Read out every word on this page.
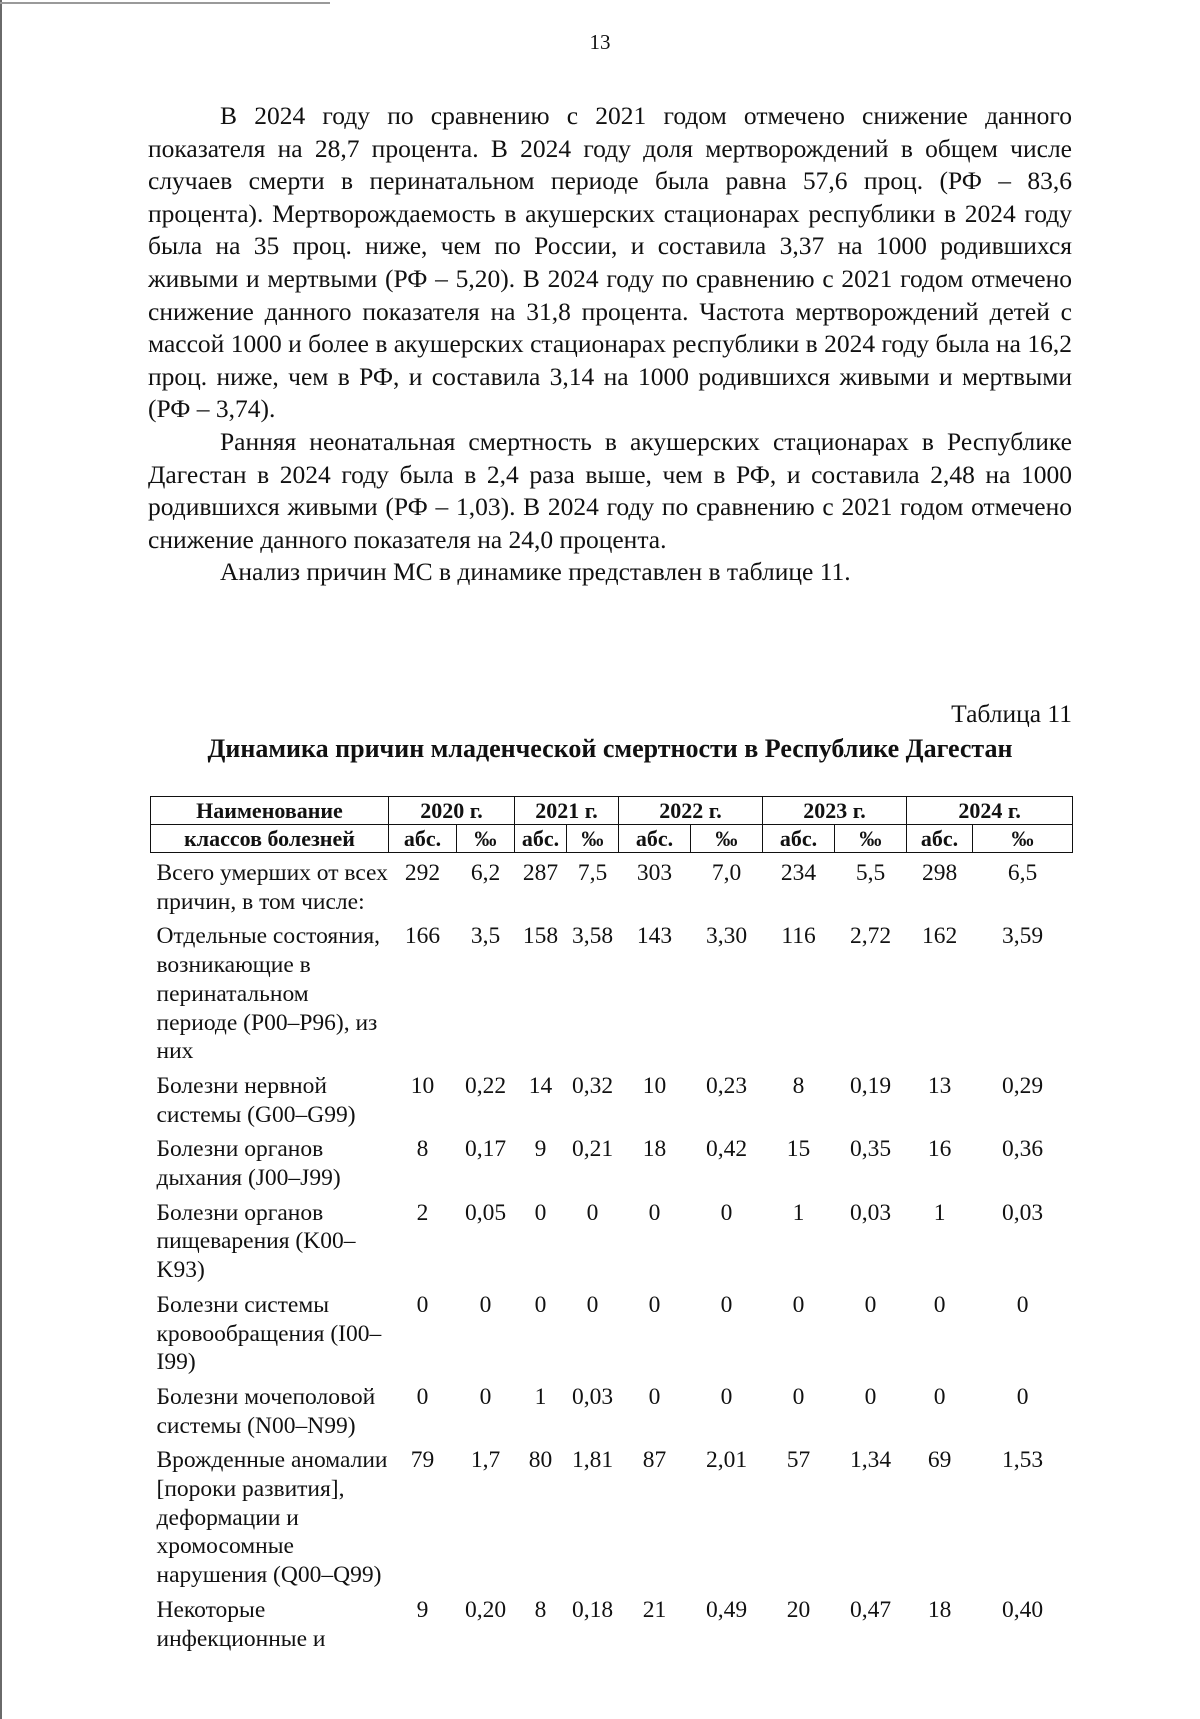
13

В 2024 году по сравнению с 2021 годом отмечено снижение данного показателя на 28,7 процента. В 2024 году доля мертворождений в общем числе случаев смерти в перинатальном периоде была равна 57,6 проц. (РФ – 83,6 процента). Мертворождаемость в акушерских стационарах республики в 2024 году была на 35 проц. ниже, чем по России, и составила 3,37 на 1000 родившихся живыми и мертвыми (РФ – 5,20). В 2024 году по сравнению с 2021 годом отмечено снижение данного показателя на 31,8 процента. Частота мертворождений детей с массой 1000 и более в акушерских стационарах республики в 2024 году была на 16,2 проц. ниже, чем в РФ, и составила 3,14 на 1000 родившихся живыми и мертвыми (РФ – 3,74).

Ранняя неонатальная смертность в акушерских стационарах в Республике Дагестан в 2024 году была в 2,4 раза выше, чем в РФ, и составила 2,48 на 1000 родившихся живыми (РФ – 1,03). В 2024 году по сравнению с 2021 годом отмечено снижение данного показателя на 24,0 процента.

Анализ причин МС в динамике представлен в таблице 11.

Таблица 11
Динамика причин младенческой смертности в Республике Дагестан
Наименование	2020 г.		2021 г.		2022 г.		2023 г.		2024 г.	
классов болезней	абс.	‰	абс.	‰	абс.	‰	абс.	‰	абс.	‰
Всего умерших от всех причин, в том числе:	292	6,2	287	7,5	303	7,0	234	5,5	298	6,5
Отдельные состояния, возникающие в перинатальном периоде (P00–P96), из них	166	3,5	158	3,58	143	3,30	116	2,72	162	3,59
Болезни нервной системы (G00–G99)	10	0,22	14	0,32	10	0,23	8	0,19	13	0,29
Болезни органов дыхания (J00–J99)	8	0,17	9	0,21	18	0,42	15	0,35	16	0,36
Болезни органов пищеварения (K00–K93)	2	0,05	0	0	0	0	1	0,03	1	0,03
Болезни системы кровообращения (I00–I99)	0	0	0	0	0	0	0	0	0	0
Болезни мочеполовой системы (N00–N99)	0	0	1	0,03	0	0	0	0	0	0
Врожденные аномалии [пороки развития], деформации и хромосомные нарушения (Q00–Q99)	79	1,7	80	1,81	87	2,01	57	1,34	69	1,53
Некоторые инфекционные и	9	0,20	8	0,18	21	0,49	20	0,47	18	0,40
